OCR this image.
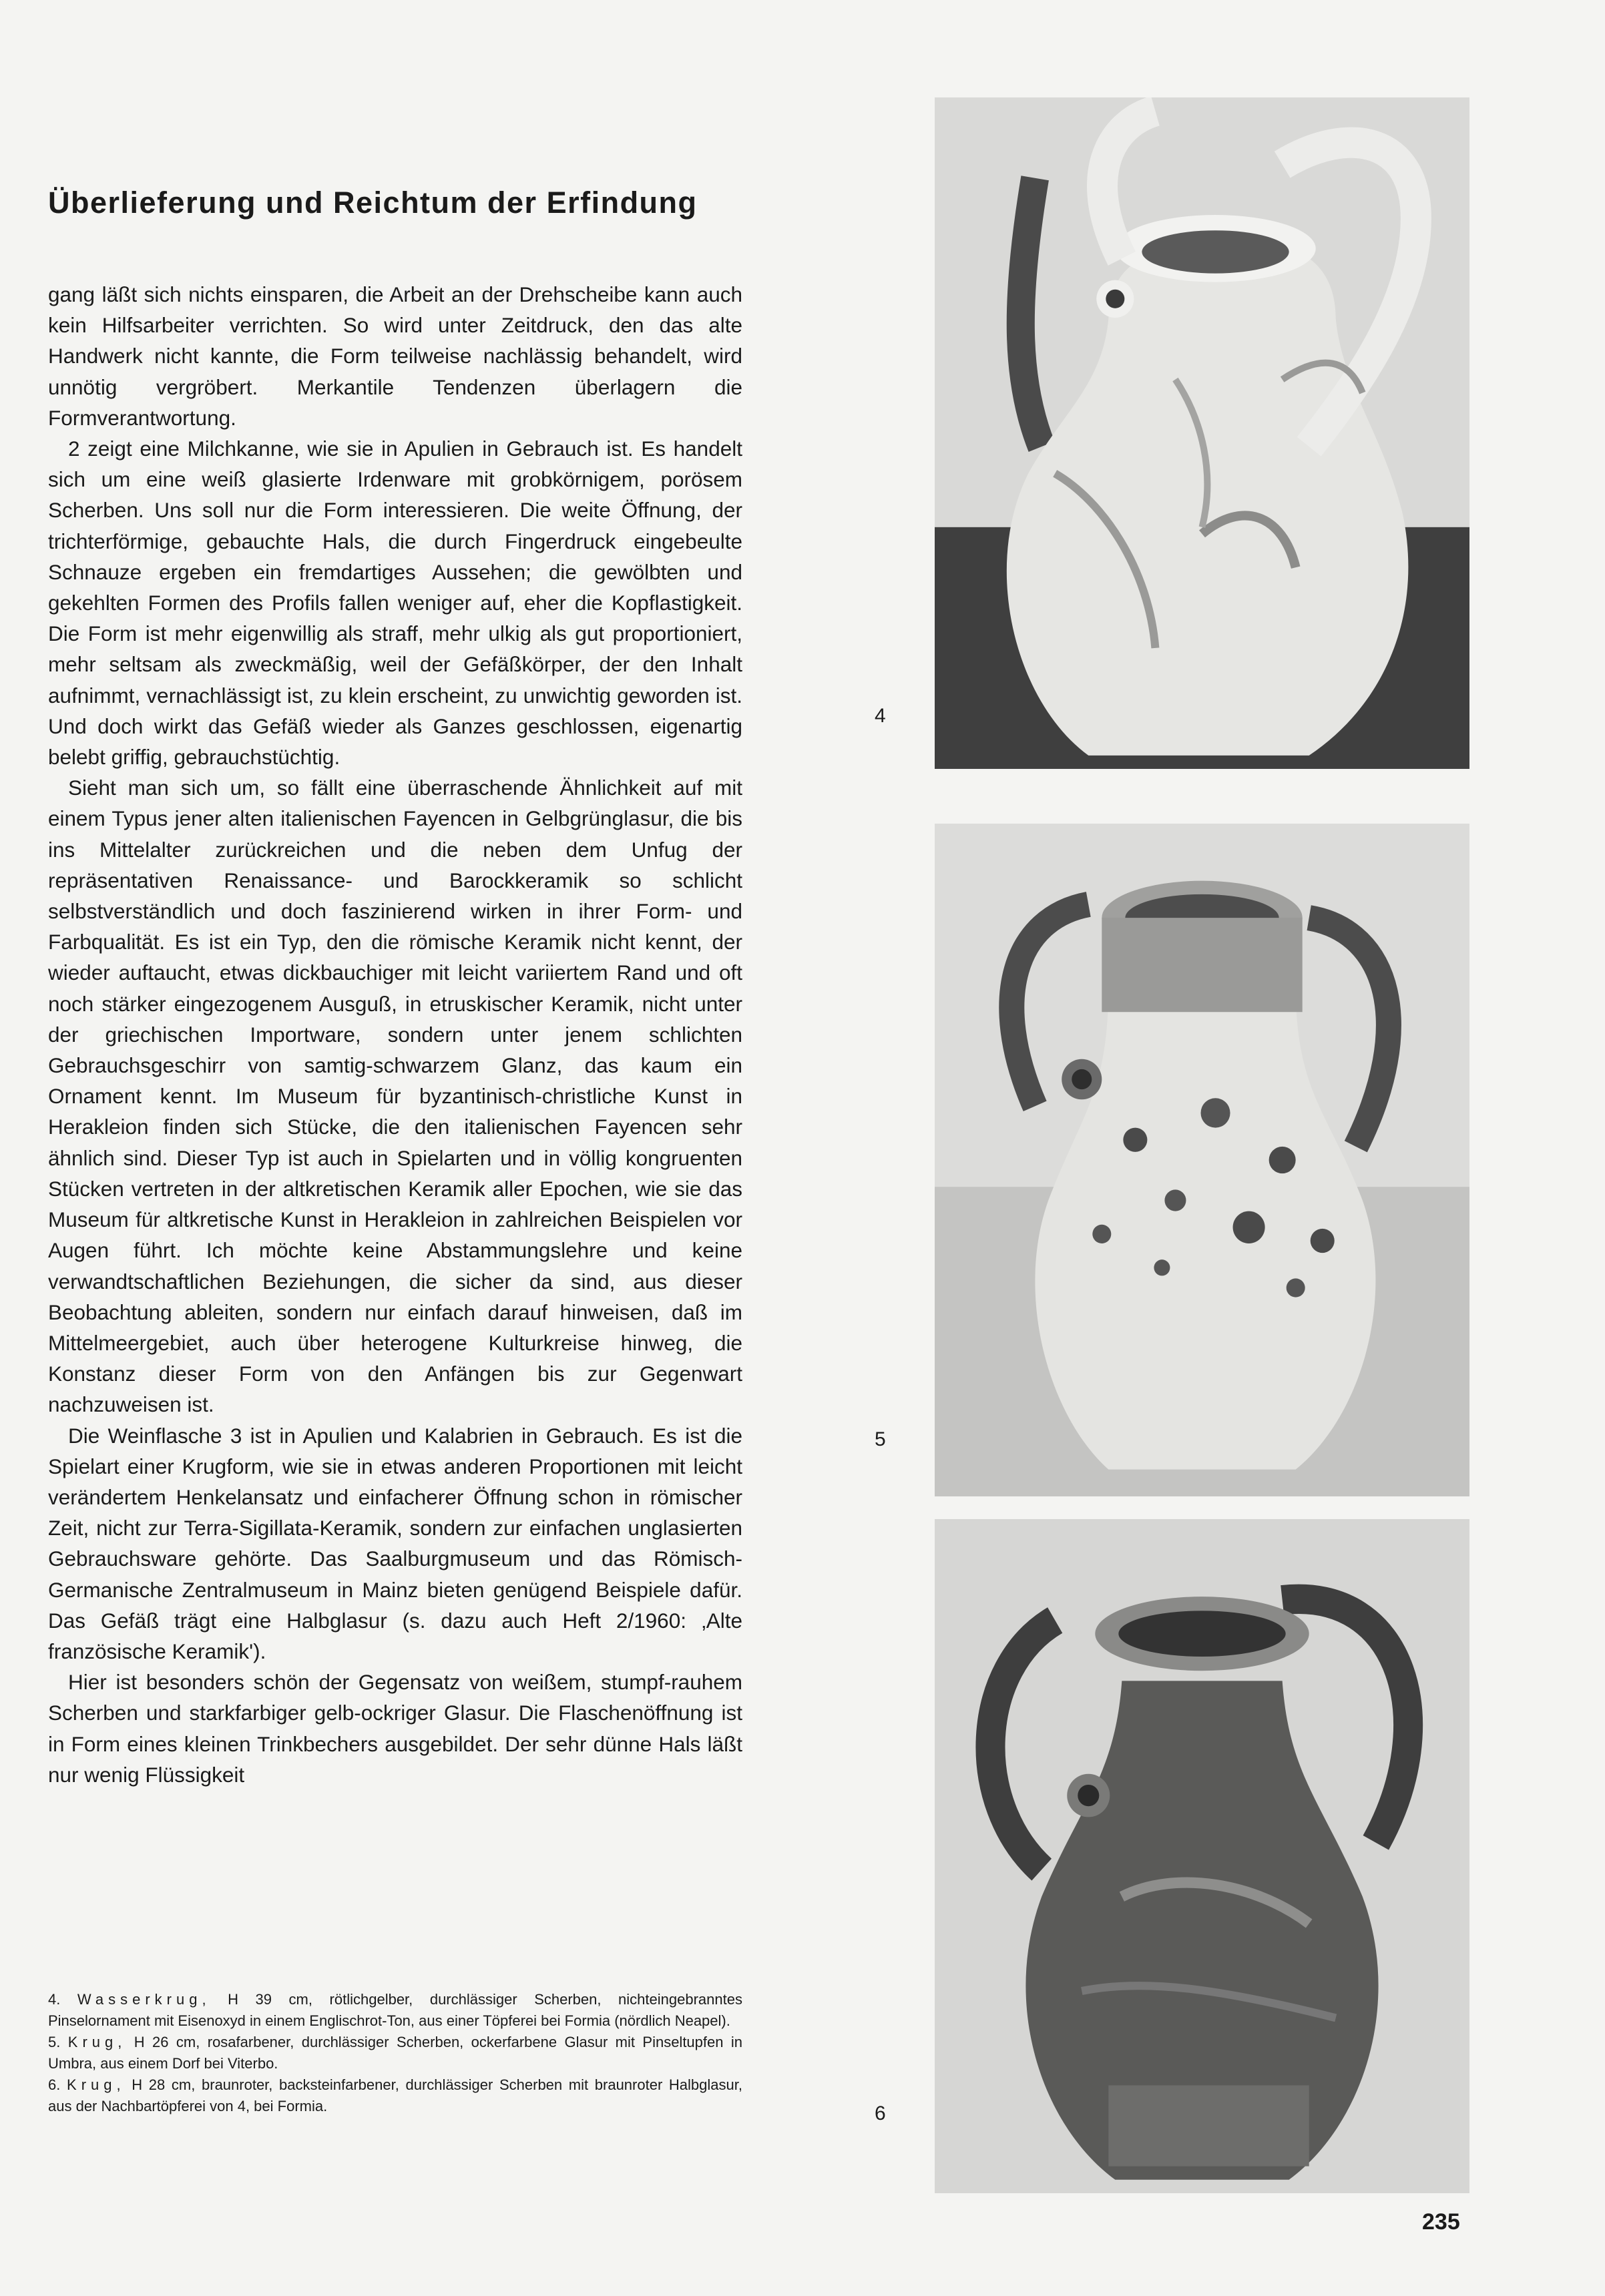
Überlieferung und Reichtum der Erfindung

gang läßt sich nichts einsparen, die Arbeit an der Drehscheibe kann auch kein Hilfsarbeiter verrichten. So wird unter Zeitdruck, den das alte Handwerk nicht kannte, die Form teilweise nachlässig behandelt, wird unnötig vergröbert. Merkantile Tendenzen überlagern die Formverantwortung.

2 zeigt eine Milchkanne, wie sie in Apulien in Gebrauch ist. Es handelt sich um eine weiß glasierte Irdenware mit grobkörnigem, porösem Scherben. Uns soll nur die Form interessieren. Die weite Öffnung, der trichterförmige, gebauchte Hals, die durch Fingerdruck eingebeulte Schnauze ergeben ein fremdartiges Aussehen; die gewölbten und gekehlten Formen des Profils fallen weniger auf, eher die Kopflastigkeit. Die Form ist mehr eigenwillig als straff, mehr ulkig als gut proportioniert, mehr seltsam als zweckmäßig, weil der Gefäßkörper, der den Inhalt aufnimmt, vernachlässigt ist, zu klein erscheint, zu unwichtig geworden ist. Und doch wirkt das Gefäß wieder als Ganzes geschlossen, eigenartig belebt griffig, gebrauchstüchtig.

Sieht man sich um, so fällt eine überraschende Ähnlichkeit auf mit einem Typus jener alten italienischen Fayencen in Gelbgrünglasur, die bis ins Mittelalter zurückreichen und die neben dem Unfug der repräsentativen Renaissance- und Barockkeramik so schlicht selbstverständlich und doch faszinierend wirken in ihrer Form- und Farbqualität. Es ist ein Typ, den die römische Keramik nicht kennt, der wieder auftaucht, etwas dickbauchiger mit leicht variiertem Rand und oft noch stärker eingezogenem Ausguß, in etruskischer Keramik, nicht unter der griechischen Importware, sondern unter jenem schlichten Gebrauchsgeschirr von samtig-schwarzem Glanz, das kaum ein Ornament kennt. Im Museum für byzantinisch-christliche Kunst in Herakleion finden sich Stücke, die den italienischen Fayencen sehr ähnlich sind. Dieser Typ ist auch in Spielarten und in völlig kongruenten Stücken vertreten in der altkretischen Keramik aller Epochen, wie sie das Museum für altkretische Kunst in Herakleion in zahlreichen Beispielen vor Augen führt. Ich möchte keine Abstammungslehre und keine verwandtschaftlichen Beziehungen, die sicher da sind, aus dieser Beobachtung ableiten, sondern nur einfach darauf hinweisen, daß im Mittelmeergebiet, auch über heterogene Kulturkreise hinweg, die Konstanz dieser Form von den Anfängen bis zur Gegenwart nachzuweisen ist.

Die Weinflasche 3 ist in Apulien und Kalabrien in Gebrauch. Es ist die Spielart einer Krugform, wie sie in etwas anderen Proportionen mit leicht verändertem Henkelansatz und einfacherer Öffnung schon in römischer Zeit, nicht zur Terra-Sigillata-Keramik, sondern zur einfachen unglasierten Gebrauchsware gehörte. Das Saalburgmuseum und das Römisch-Germanische Zentralmuseum in Mainz bieten genügend Beispiele dafür. Das Gefäß trägt eine Halbglasur (s. dazu auch Heft 2/1960: ‚Alte französische Keramik').

Hier ist besonders schön der Gegensatz von weißem, stumpf-rauhem Scherben und starkfarbiger gelb-ockriger Glasur. Die Flaschenöffnung ist in Form eines kleinen Trinkbechers ausgebildet. Der sehr dünne Hals läßt nur wenig Flüssigkeit

4. Wasserkrug, H 39 cm, rötlichgelber, durchlässiger Scherben, nichteingebranntes Pinselornament mit Eisenoxyd in einem Englischrot-Ton, aus einer Töpferei bei Formia (nördlich Neapel).
5. Krug, H 26 cm, rosafarbener, durchlässiger Scherben, ockerfarbene Glasur mit Pinseltupfen in Umbra, aus einem Dorf bei Viterbo.
6. Krug, H 28 cm, braunroter, backsteinfarbener, durchlässiger Scherben mit braunroter Halbglasur, aus der Nachbartöpferei von 4, bei Formia.
4
5
6
235
